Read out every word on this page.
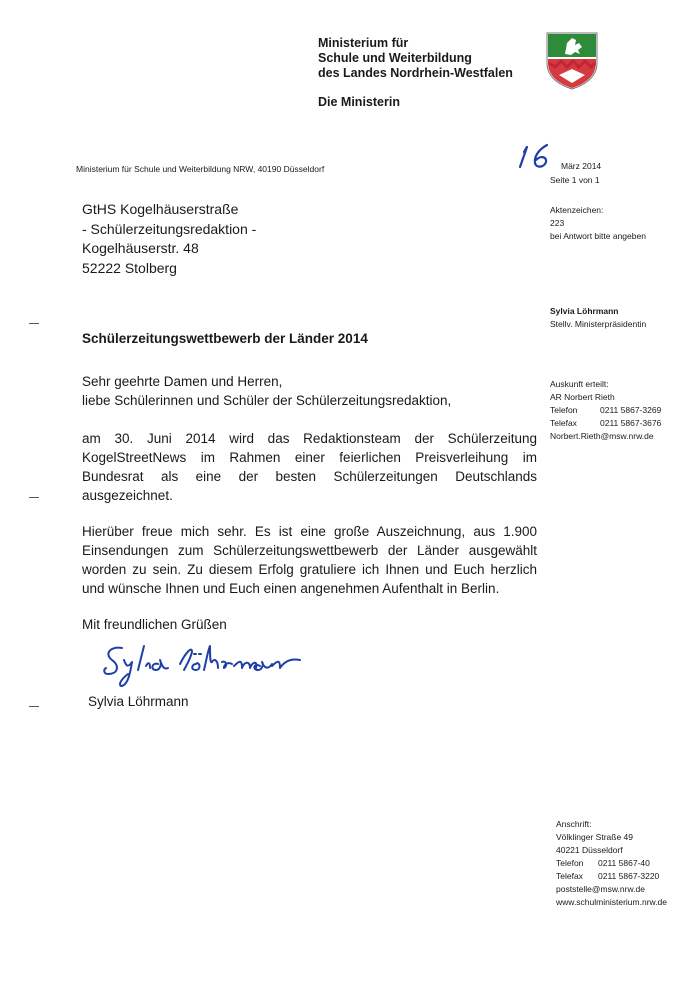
Ministerium für
Schule und Weiterbildung
des Landes Nordrhein-Westfalen
Die Ministerin
Ministerium für Schule und Weiterbildung NRW, 40190 Düsseldorf	März 2014
Seite 1 von 1
Aktenzeichen:
223
bei Antwort bitte angeben
GtHS Kogelhäuserstraße
- Schülerzeitungsredaktion -
Kogelhäuserstr. 48
52222 Stolberg
Sylvia Löhrmann
Stellv. Ministerpräsidentin
Schülerzeitungswettbewerb der Länder 2014
Sehr geehrte Damen und Herren,
liebe Schülerinnen und Schüler der Schülerzeitungsredaktion,
am 30. Juni 2014 wird das Redaktionsteam der Schülerzeitung KogelStreetNews im Rahmen einer feierlichen Preisverleihung im Bundesrat als eine der besten Schülerzeitungen Deutschlands ausgezeichnet.
Hierüber freue mich sehr. Es ist eine große Auszeichnung, aus 1.900 Einsendungen zum Schülerzeitungswettbewerb der Länder ausgewählt worden zu sein. Zu diesem Erfolg gratuliere ich Ihnen und Euch herzlich und wünsche Ihnen und Euch einen angenehmen Aufenthalt in Berlin.
Auskunft erteilt:
AR Norbert Rieth
Telefon	0211 5867-3269
Telefax	0211 5867-3676
Norbert.Rieth@msw.nrw.de
Mit freundlichen Grüßen
Sylvia Löhrmann
Anschrift:
Völklinger Straße 49
40221 Düsseldorf
Telefon 0211 5867-40
Telefax 0211 5867-3220
poststelle@msw.nrw.de
www.schulministerium.nrw.de
